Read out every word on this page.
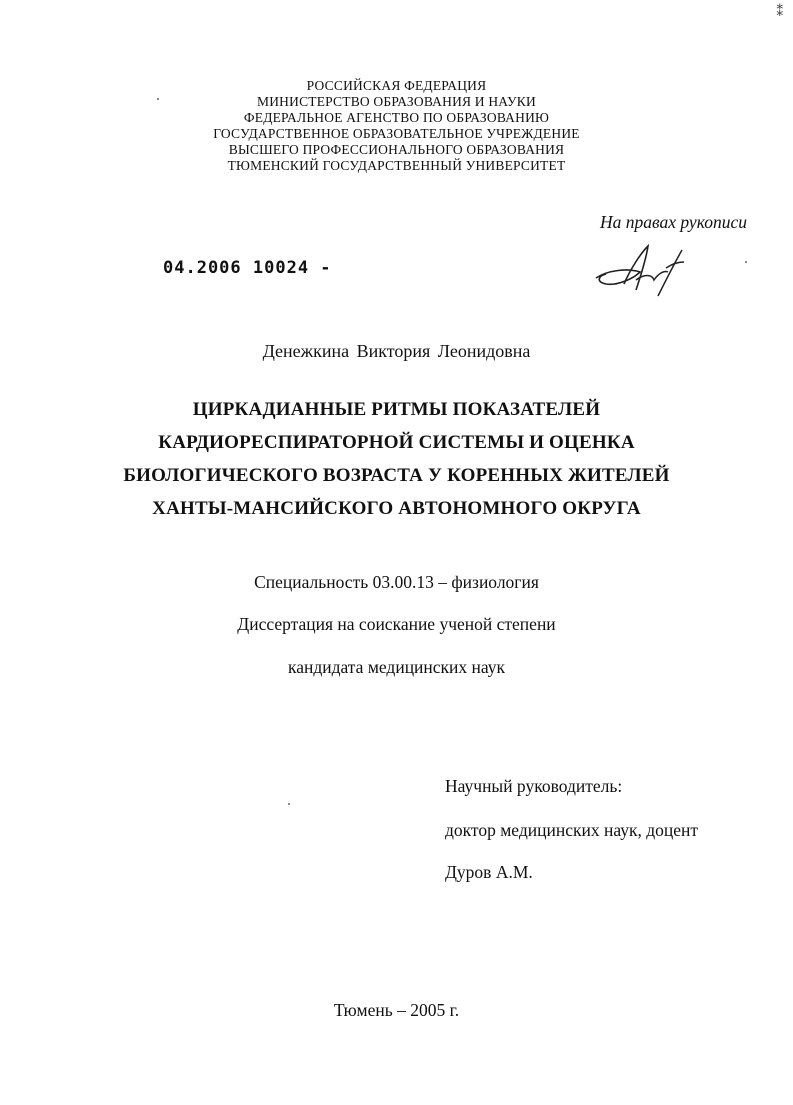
⁑
РОССИЙСКАЯ ФЕДЕРАЦИЯ
МИНИСТЕРСТВО ОБРАЗОВАНИЯ И НАУКИ
ФЕДЕРАЛЬНОЕ АГЕНСТВО ПО ОБРАЗОВАНИЮ
ГОСУДАРСТВЕННОЕ ОБРАЗОВАТЕЛЬНОЕ УЧРЕЖДЕНИЕ
ВЫСШЕГО ПРОФЕССИОНАЛЬНОГО ОБРАЗОВАНИЯ
ТЮМЕНСКИЙ ГОСУДАРСТВЕННЫЙ УНИВЕРСИТЕТ
На правах рукописи
04.2006 10024 -
Денежкина Виктория Леонидовна
ЦИРКАДИАННЫЕ РИТМЫ ПОКАЗАТЕЛЕЙ
КАРДИОРЕСПИРАТОРНОЙ СИСТЕМЫ И ОЦЕНКА
БИОЛОГИЧЕСКОГО ВОЗРАСТА У КОРЕННЫХ ЖИТЕЛЕЙ
ХАНТЫ-МАНСИЙСКОГО АВТОНОМНОГО ОКРУГА
Специальность 03.00.13 – физиология
Диссертация на соискание ученой степени
кандидата медицинских наук
Научный руководитель:
доктор медицинских наук, доцент
Дуров А.М.
Тюмень – 2005 г.
